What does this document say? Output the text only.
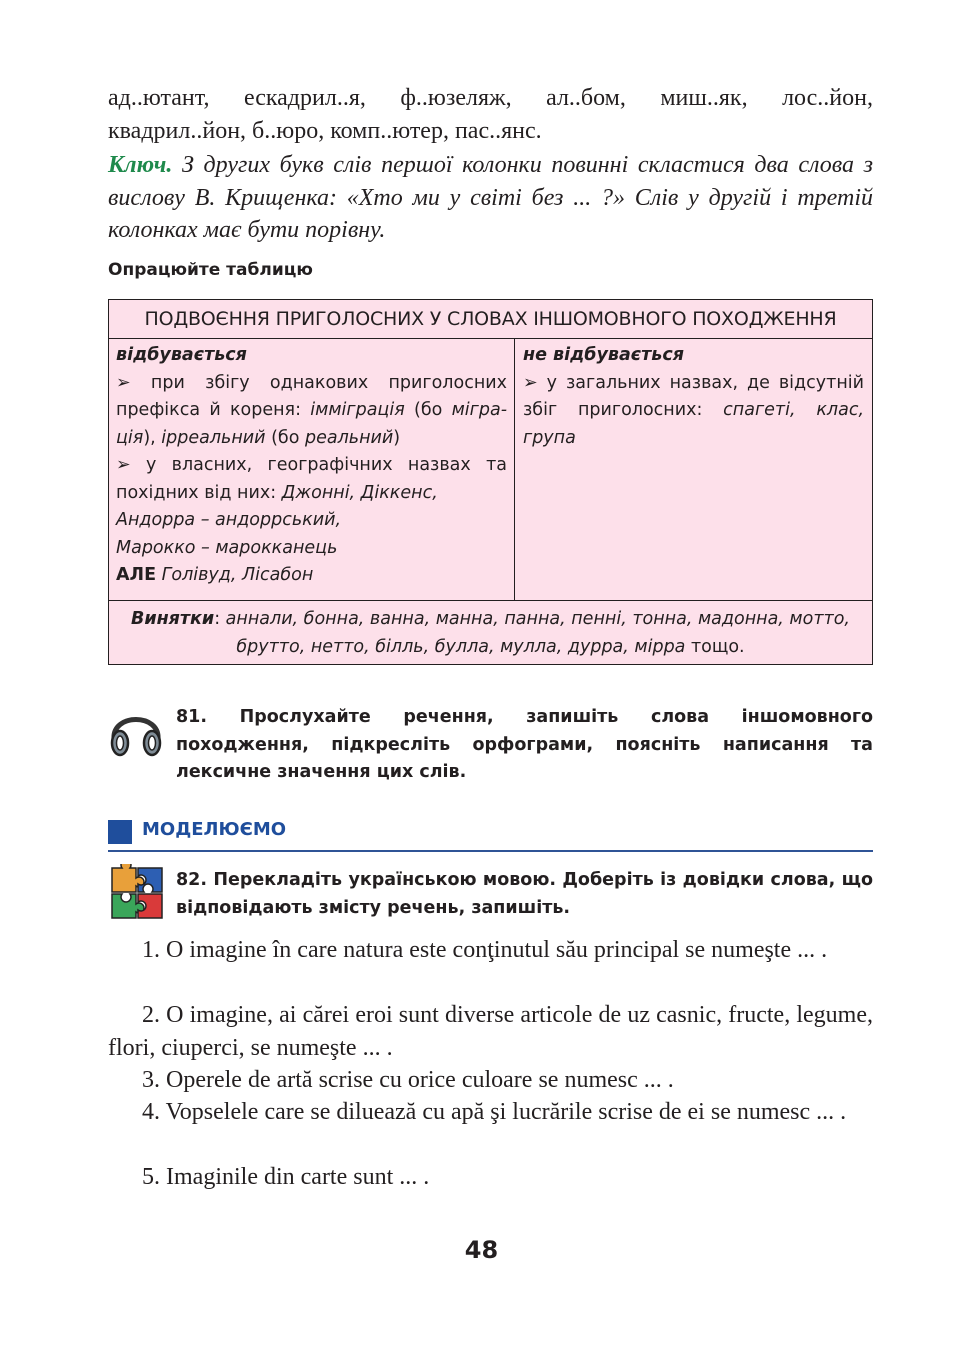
ад..ютант, ескадрил..я, ф..юзеляж, ал..бом, миш..як, лос..йон, квадрил..йон, б..юро, комп..ютер, пас..янс.
Ключ. З других букв слів першої колонки повинні скластися два слова з вислову В. Крищенка: «Хто ми у світі без ... ?» Слів у другій і третій колонках має бути порівну.
Опрацюйте таблицю
ПОДВОЄННЯ ПРИГОЛОСНИХ У СЛОВАХ ІНШОМОВНОГО ПОХОДЖЕННЯ
відбувається
➢ при збігу однакових приголосних префікса й кореня: імміграція (бо мігра-ція), ірреальний (бо реальний)
➢ у власних, географічних назвах та похідних від них: Джонні, Діккенс,
Андорра – андоррський,
Марокко – марокканець
АЛЕ Голівуд, Лісабон
не відбувається
➢ у загальних назвах, де відсутній збіг приголосних: спагеті, клас, група
Винятки: аннали, бонна, ванна, манна, панна, пенні, тонна, мадонна, мотто, брутто, нетто, білль, булла, мулла, дурра, мірра тощо.
81. Прослухайте речення, запишіть слова іншомовного походження, підкресліть орфограми, поясніть написання та лексичне значення цих слів.
МОДЕЛЮЄМО
82. Перекладіть українською мовою. Доберіть із довідки слова, що відповідають змісту речень, запишіть.
1. O imagine în care natura este conţinutul său principal se numeşte ... .
2. O imagine, ai cărei eroi sunt diverse articole de uz casnic, fructe, legume, flori, ciuperci, se numeşte ... .
3. Operele de artă scrise cu orice culoare se numesc ... .
4. Vopselele care se diluează cu apă şi lucrările scrise de ei se numesc ... .
5. Imaginile din carte sunt ... .
48
